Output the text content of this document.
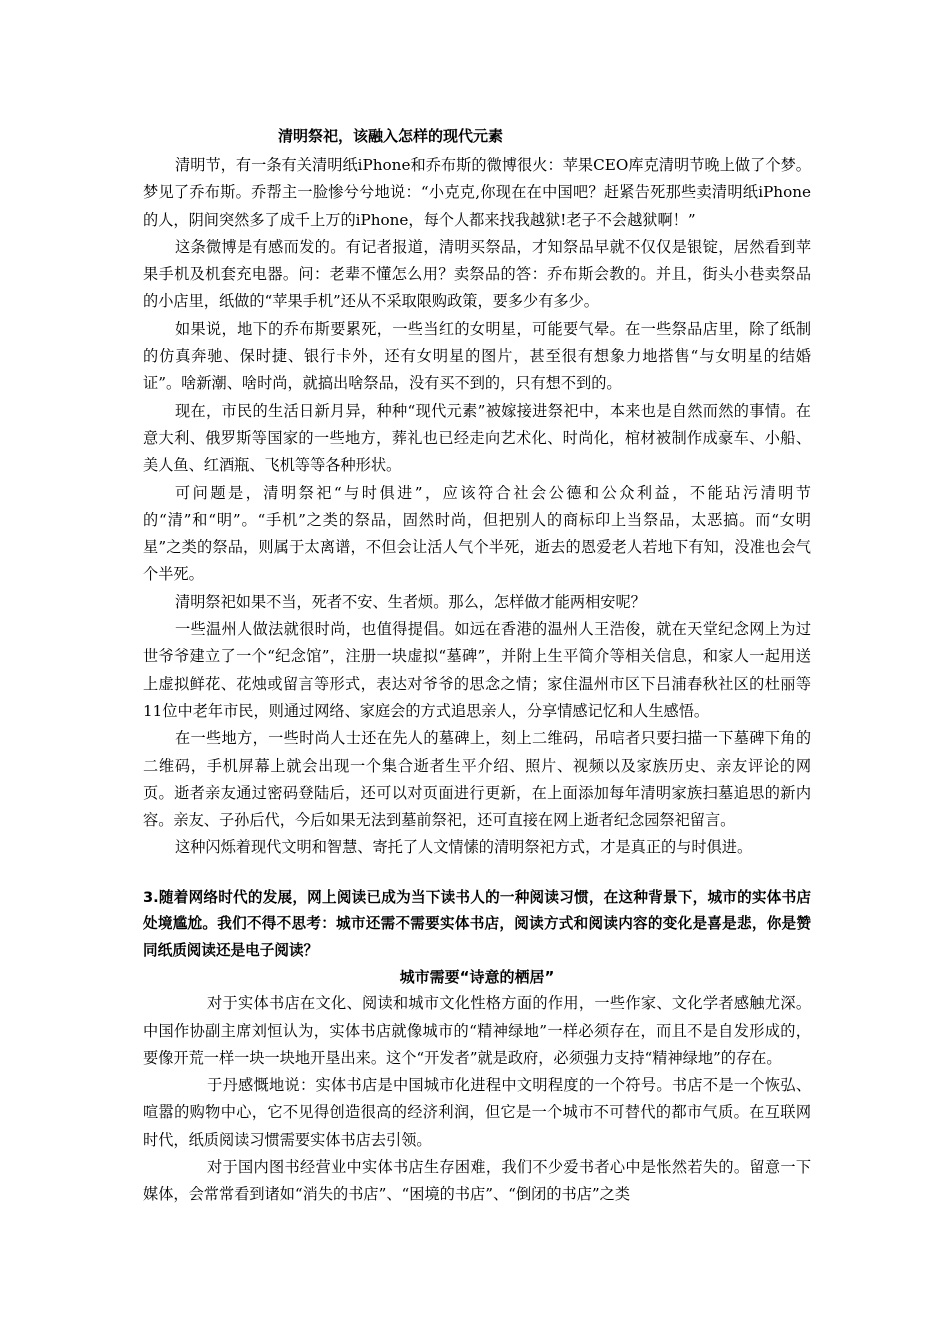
清明祭祀，该融入怎样的现代元素

清明节，有一条有关清明纸iPhone和乔布斯的微博很火：苹果CEO库克清明节晚上做了个梦。梦见了乔布斯。乔帮主一脸惨兮兮地说：“小克克,你现在在中国吧？赶紧告死那些卖清明纸iPhone的人，阴间突然多了成千上万的iPhone，每个人都来找我越狱!老子不会越狱啊！”

这条微博是有感而发的。有记者报道，清明买祭品，才知祭品早就不仅仅是银锭，居然看到苹果手机及机套充电器。问：老辈不懂怎么用？卖祭品的答：乔布斯会教的。并且，街头小巷卖祭品的小店里，纸做的“苹果手机”还从不采取限购政策，要多少有多少。

如果说，地下的乔布斯要累死，一些当红的女明星，可能要气晕。在一些祭品店里，除了纸制的仿真奔驰、保时捷、银行卡外，还有女明星的图片，甚至很有想象力地搭售“与女明星的结婚证”。啥新潮、啥时尚，就搞出啥祭品，没有买不到的，只有想不到的。

现在，市民的生活日新月异，种种“现代元素”被嫁接进祭祀中，本来也是自然而然的事情。在意大利、俄罗斯等国家的一些地方，葬礼也已经走向艺术化、时尚化，棺材被制作成豪车、小船、美人鱼、红酒瓶、飞机等等各种形状。

可问题是，清明祭祀“与时俱进”，应该符合社会公德和公众利益，不能玷污清明节的“清”和“明”。“手机”之类的祭品，固然时尚，但把别人的商标印上当祭品，太恶搞。而“女明星”之类的祭品，则属于太离谱，不但会让活人气个半死，逝去的恩爱老人若地下有知，没准也会气个半死。

清明祭祀如果不当，死者不安、生者烦。那么，怎样做才能两相安呢？

一些温州人做法就很时尚，也值得提倡。如远在香港的温州人王浩俊，就在天堂纪念网上为过世爷爷建立了一个“纪念馆”，注册一块虚拟“墓碑”，并附上生平简介等相关信息，和家人一起用送上虚拟鲜花、花烛或留言等形式，表达对爷爷的思念之情；家住温州市区下吕浦春秋社区的杜丽等11位中老年市民，则通过网络、家庭会的方式追思亲人，分享情感记忆和人生感悟。

在一些地方，一些时尚人士还在先人的墓碑上，刻上二维码，吊唁者只要扫描一下墓碑下角的二维码，手机屏幕上就会出现一个集合逝者生平介绍、照片、视频以及家族历史、亲友评论的网页。逝者亲友通过密码登陆后，还可以对页面进行更新，在上面添加每年清明家族扫墓追思的新内容。亲友、子孙后代，今后如果无法到墓前祭祀，还可直接在网上逝者纪念园祭祀留言。

这种闪烁着现代文明和智慧、寄托了人文情愫的清明祭祀方式，才是真正的与时俱进。

3.随着网络时代的发展，网上阅读已成为当下读书人的一种阅读习惯，在这种背景下，城市的实体书店处境尴尬。我们不得不思考：城市还需不需要实体书店，阅读方式和阅读内容的变化是喜是悲，你是赞同纸质阅读还是电子阅读？

城市需要“诗意的栖居”

对于实体书店在文化、阅读和城市文化性格方面的作用，一些作家、文化学者感触尤深。中国作协副主席刘恒认为，实体书店就像城市的“精神绿地”一样必须存在，而且不是自发形成的，要像开荒一样一块一块地开垦出来。这个“开发者”就是政府，必须强力支持“精神绿地”的存在。

于丹感慨地说：实体书店是中国城市化进程中文明程度的一个符号。书店不是一个恢弘、喧嚣的购物中心，它不见得创造很高的经济利润，但它是一个城市不可替代的都市气质。在互联网时代，纸质阅读习惯需要实体书店去引领。

对于国内图书经营业中实体书店生存困难，我们不少爱书者心中是怅然若失的。留意一下媒体，会常常看到诸如“消失的书店”、“困境的书店”、“倒闭的书店”之类
